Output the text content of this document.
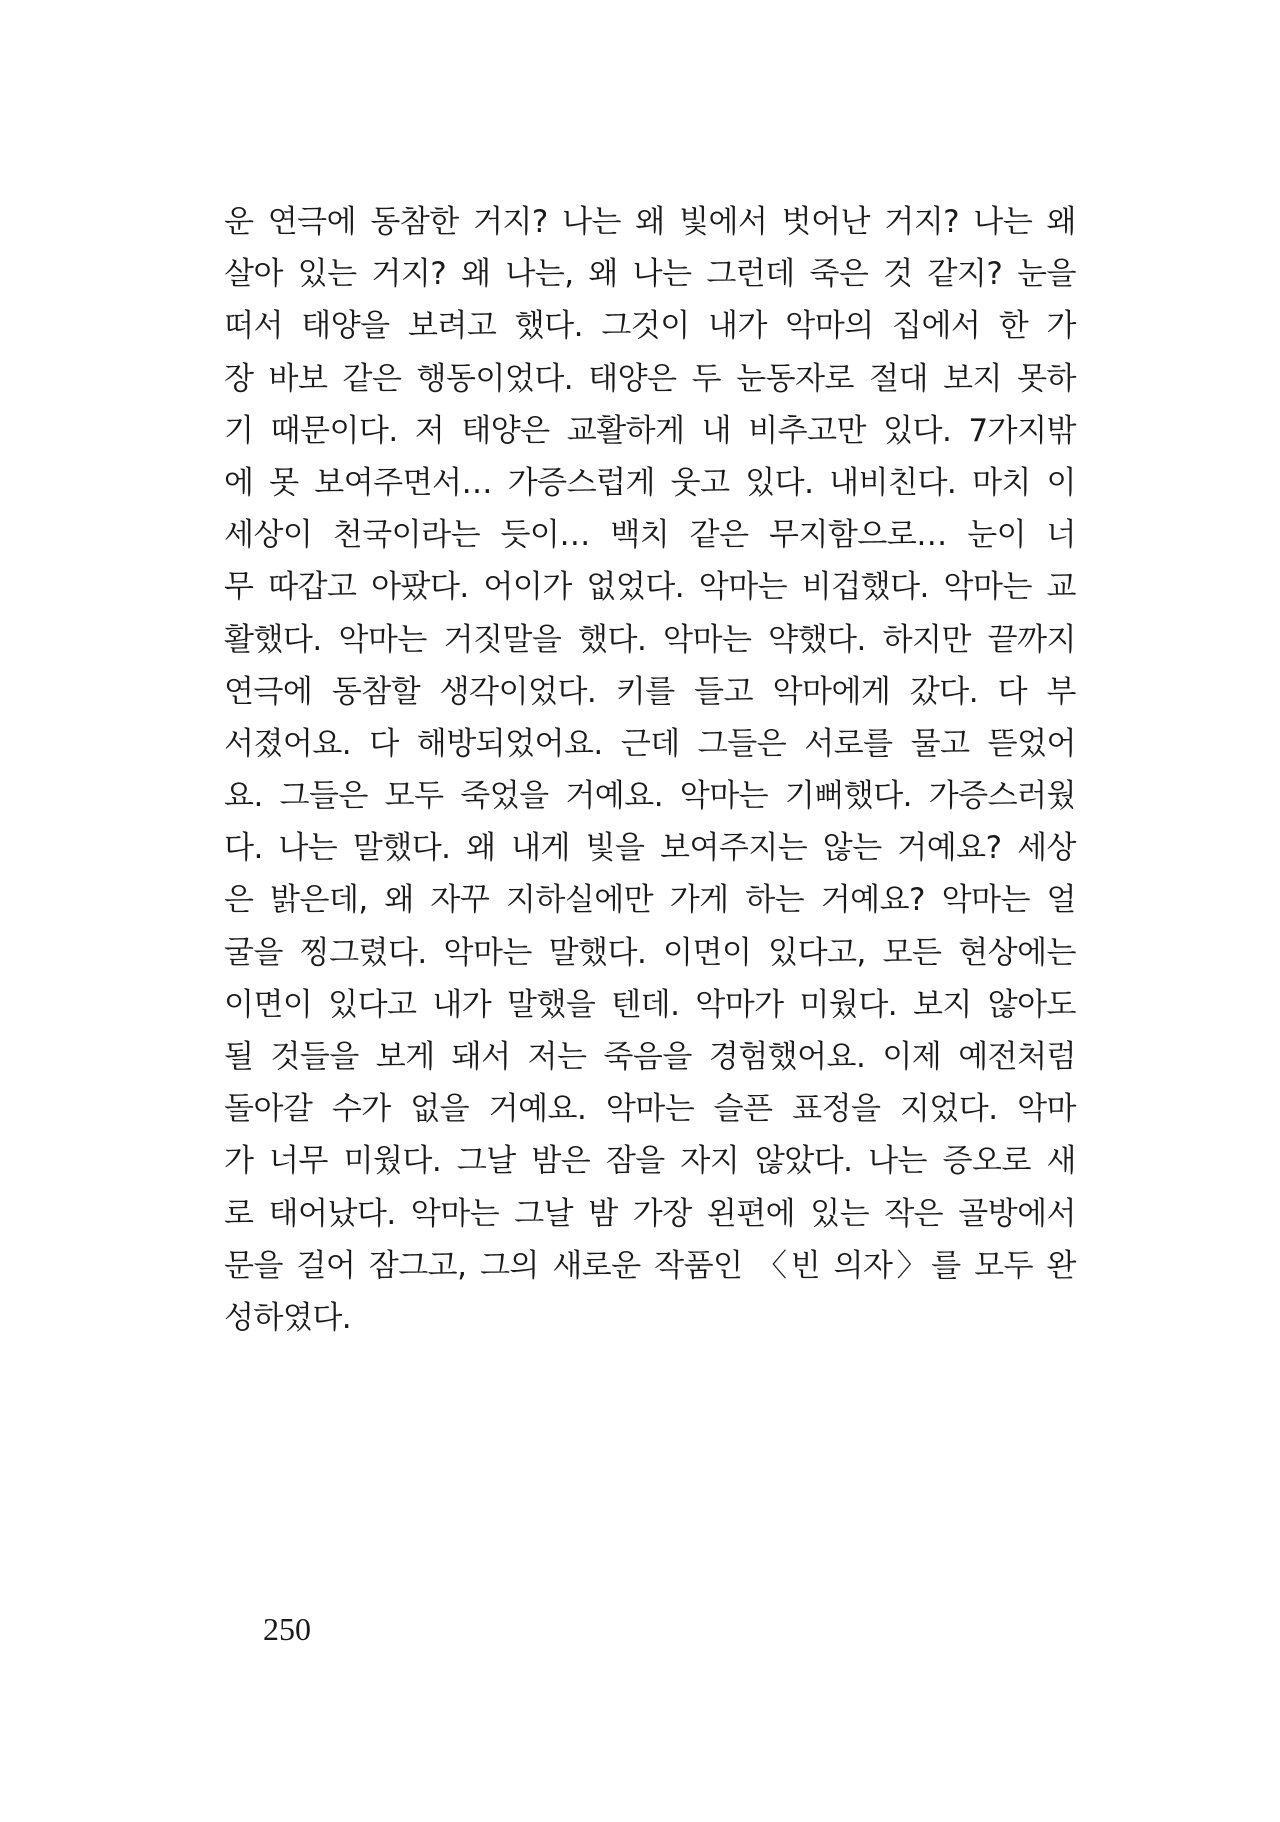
운 연극에 동참한 거지? 나는 왜 빛에서 벗어난 거지? 나는 왜
살아 있는 거지? 왜 나는, 왜 나는 그런데 죽은 것 같지? 눈을
떠서 태양을 보려고 했다. 그것이 내가 악마의 집에서 한 가
장 바보 같은 행동이었다. 태양은 두 눈동자로 절대 보지 못하
기 때문이다. 저 태양은 교활하게 내 비추고만 있다. 7가지밖
에 못 보여주면서… 가증스럽게 웃고 있다. 내비친다. 마치 이
세상이 천국이라는 듯이… 백치 같은 무지함으로… 눈이 너
무 따갑고 아팠다. 어이가 없었다. 악마는 비겁했다. 악마는 교
활했다. 악마는 거짓말을 했다. 악마는 약했다. 하지만 끝까지
연극에 동참할 생각이었다. 키를 들고 악마에게 갔다. 다 부
서졌어요. 다 해방되었어요. 근데 그들은 서로를 물고 뜯었어
요. 그들은 모두 죽었을 거예요. 악마는 기뻐했다. 가증스러웠
다. 나는 말했다. 왜 내게 빛을 보여주지는 않는 거예요? 세상
은 밝은데, 왜 자꾸 지하실에만 가게 하는 거예요? 악마는 얼
굴을 찡그렸다. 악마는 말했다. 이면이 있다고, 모든 현상에는
이면이 있다고 내가 말했을 텐데. 악마가 미웠다. 보지 않아도
될 것들을 보게 돼서 저는 죽음을 경험했어요. 이제 예전처럼
돌아갈 수가 없을 거예요. 악마는 슬픈 표정을 지었다. 악마
가 너무 미웠다. 그날 밤은 잠을 자지 않았다. 나는 증오로 새
로 태어났다. 악마는 그날 밤 가장 왼편에 있는 작은 골방에서
문을 걸어 잠그고, 그의 새로운 작품인 〈빈 의자〉를 모두 완
성하였다.
250
